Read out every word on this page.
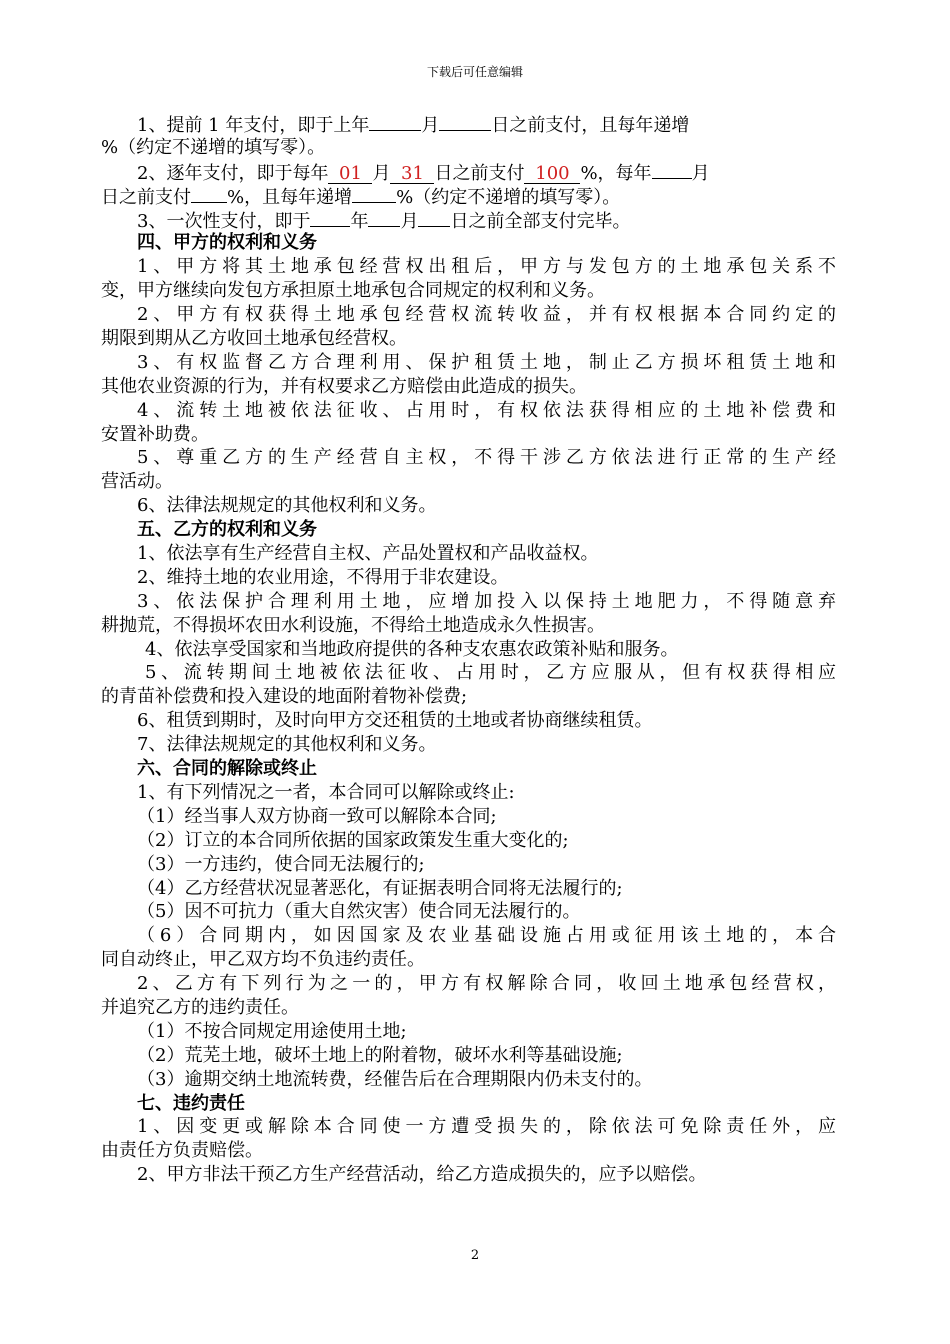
下载后可任意编辑
1、提前 1 年支付，即于上年	月	日之前支付，且每年递增
%（约定不递增的填写零）。
2、逐年支付，即于每年 01 月 31 日之前支付 100 %，每年 月
日之前支付 %，且每年递增 %（约定不递增的填写零）。
3、一次性支付，即于 年 月 日之前全部支付完毕。
四、甲方的权利和义务
1、甲方将其土地承包经营权出租后，甲方与发包方的土地承包关系不
变，甲方继续向发包方承担原土地承包合同规定的权利和义务。
2、甲方有权获得土地承包经营权流转收益，并有权根据本合同约定的
期限到期从乙方收回土地承包经营权。
3、有权监督乙方合理利用、保护租赁土地，制止乙方损坏租赁土地和
其他农业资源的行为，并有权要求乙方赔偿由此造成的损失。
4、流转土地被依法征收、占用时，有权依法获得相应的土地补偿费和
安置补助费。
5、尊重乙方的生产经营自主权，不得干涉乙方依法进行正常的生产经
营活动。
6、法律法规规定的其他权利和义务。
五、乙方的权利和义务
1、依法享有生产经营自主权、产品处置权和产品收益权。
2、维持土地的农业用途，不得用于非农建设。
3、依法保护合理利用土地，应增加投入以保持土地肥力，不得随意弃
耕抛荒，不得损坏农田水利设施，不得给土地造成永久性损害。
4、依法享受国家和当地政府提供的各种支农惠农政策补贴和服务。
5、流转期间土地被依法征收、占用时，乙方应服从，但有权获得相应
的青苗补偿费和投入建设的地面附着物补偿费;
6、租赁到期时，及时向甲方交还租赁的土地或者协商继续租赁。
7、法律法规规定的其他权利和义务。
六、合同的解除或终止
1、有下列情况之一者，本合同可以解除或终止:
（1）经当事人双方协商一致可以解除本合同;
（2）订立的本合同所依据的国家政策发生重大变化的;
（3）一方违约，使合同无法履行的;
（4）乙方经营状况显著恶化，有证据表明合同将无法履行的;
（5）因不可抗力（重大自然灾害）使合同无法履行的。
（6）合同期内，如因国家及农业基础设施占用或征用该土地的，本合
同自动终止，甲乙双方均不负违约责任。
2、乙方有下列行为之一的，甲方有权解除合同，收回土地承包经营权，
并追究乙方的违约责任。
（1）不按合同规定用途使用土地;
（2）荒芜土地，破坏土地上的附着物，破坏水利等基础设施;
（3）逾期交纳土地流转费，经催告后在合理期限内仍未支付的。
七、违约责任
1、因变更或解除本合同使一方遭受损失的，除依法可免除责任外，应
由责任方负责赔偿。
2、甲方非法干预乙方生产经营活动，给乙方造成损失的，应予以赔偿。
2
